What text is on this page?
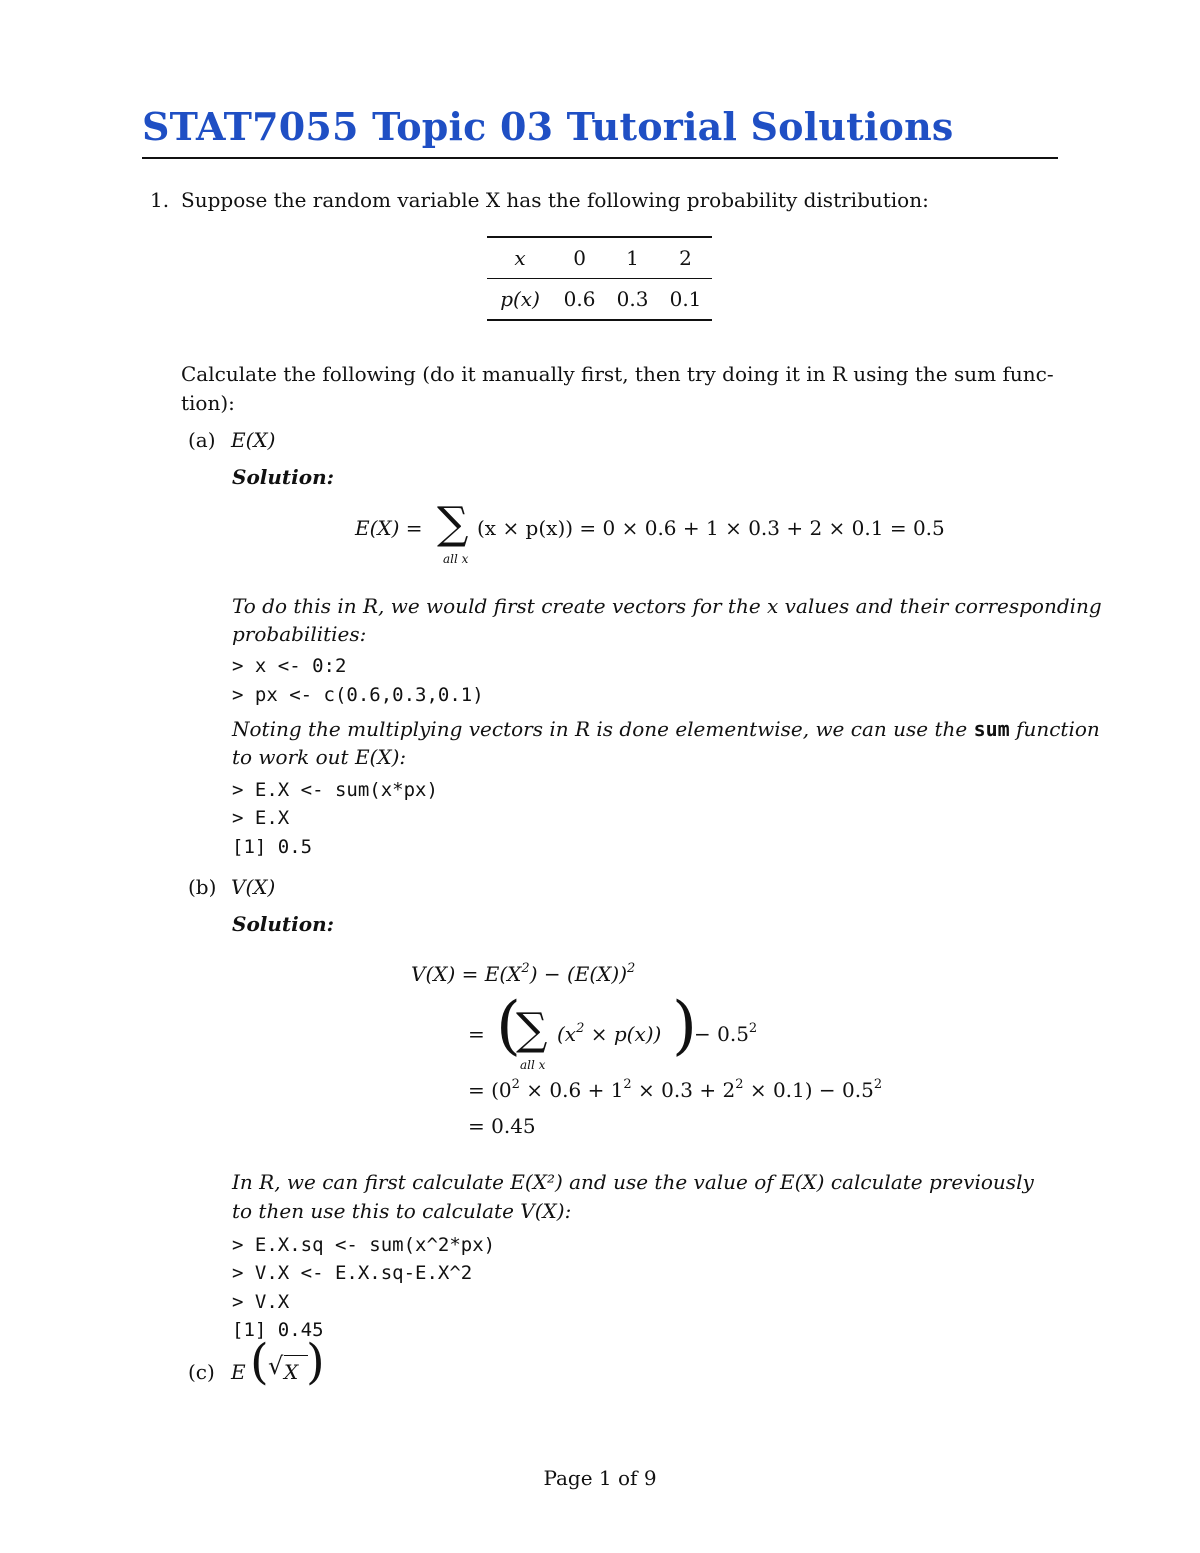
STAT7055 Topic 03 Tutorial Solutions
1. Suppose the random variable X has the following probability distribution:
x	0	1	2
p(x)	0.6	0.3	0.1
Calculate the following (do it manually first, then try doing it in R using the sum func-
tion):
(a) E(X)
Solution:
E(X) = ∑
all x
(x × p(x)) = 0 × 0.6 + 1 × 0.3 + 2 × 0.1 = 0.5
To do this in R, we would first create vectors for the x values and their corresponding
probabilities:
> x <- 0:2
> px <- c(0.6,0.3,0.1)
Noting the multiplying vectors in R is done elementwise, we can use the sum function
to work out E(X):
> E.X <- sum(x*px)
> E.X
[1] 0.5
(b) V(X)
Solution:
$V(X) = E(X^2) - (E(X))^2$
= (
∑
all x
$(x^2 \times p(x))$ )
− $0.5^2$
= $(0^2 \times 0.6 + 1^2 \times 0.3 + 2^2 \times 0.1) - 0.5^2$
= 0.45
In R, we can first calculate E(X²) and use the value of E(X) calculate previously
to then use this to calculate V(X):
> E.X.sq <- sum(x^2*px)
> V.X <- E.X.sq-E.X^2
> V.X
[1] 0.45
(c) E ( √ X )
Page 1 of 9
